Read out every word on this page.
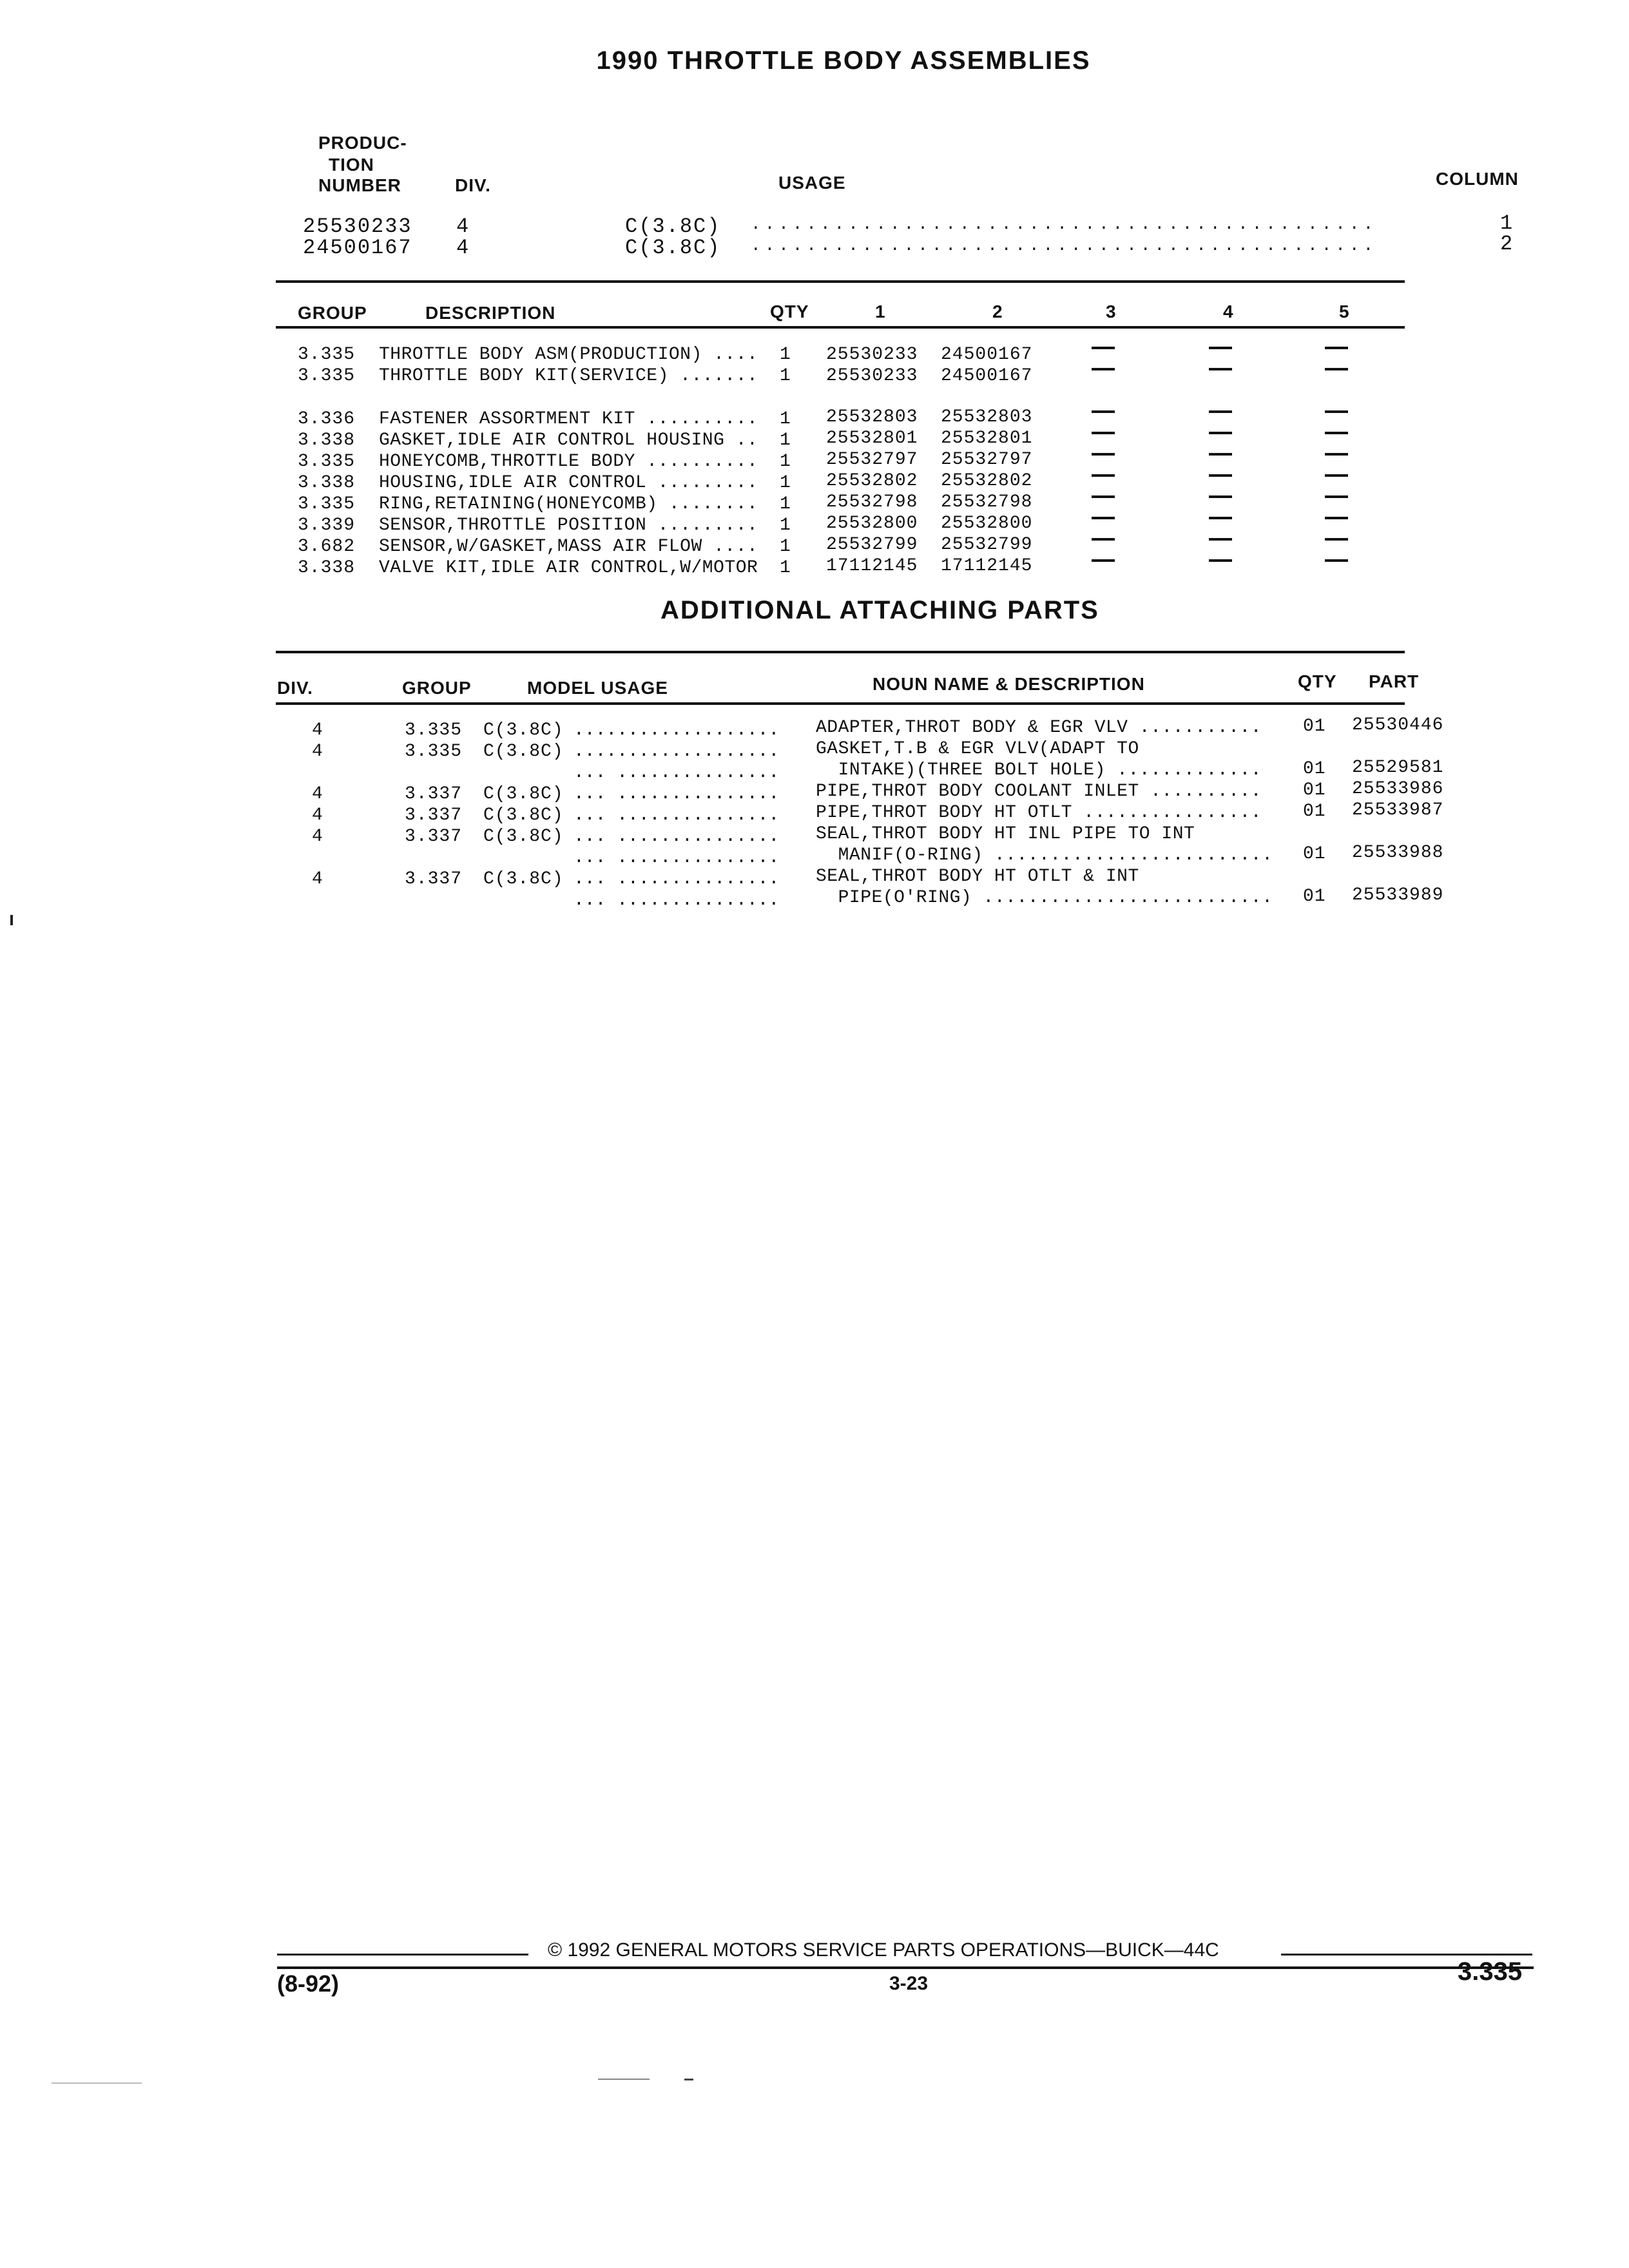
1990 THROTTLE BODY ASSEMBLIES
PRODUC-
TION
NUMBER	DIV.	USAGE	COLUMN
25530233 4	C(3.8C) .............................................	1
24500167 4	C(3.8C) .............................................	2
GROUP	DESCRIPTION	QTY	1	2	3	4	5
3.335 THROTTLE BODY ASM(PRODUCTION) .... 1 25530233 24500167
3.335 THROTTLE BODY KIT(SERVICE) ....... 1 25530233 24500167
3.336 FASTENER ASSORTMENT KIT .......... 1 25532803 25532803
3.338 GASKET,IDLE AIR CONTROL HOUSING .. 1 25532801 25532801
3.335 HONEYCOMB,THROTTLE BODY .......... 1 25532797 25532797
3.338 HOUSING,IDLE AIR CONTROL ......... 1 25532802 25532802
3.335 RING,RETAINING(HONEYCOMB) ........ 1 25532798 25532798
3.339 SENSOR,THROTTLE POSITION ......... 1 25532800 25532800
3.682 SENSOR,W/GASKET,MASS AIR FLOW .... 1 25532799 25532799
3.338 VALVE KIT,IDLE AIR CONTROL,W/MOTOR 1 17112145 17112145
ADDITIONAL ATTACHING PARTS
DIV.	GROUP	MODEL USAGE	NOUN NAME & DESCRIPTION	QTY PART
4	3.335 C(3.8C) ................... ADAPTER,THROT BODY & EGR VLV ........... 01 25530446
4	3.335 C(3.8C) ................... GASKET,T.B & EGR VLV(ADAPT TO
... ............... INTAKE)(THREE BOLT HOLE) ............. 01 25529581
4	3.337 C(3.8C) ... ............... PIPE,THROT BODY COOLANT INLET .......... 01 25533986
4	3.337 C(3.8C) ... ............... PIPE,THROT BODY HT OTLT ................ 01 25533987
4	3.337 C(3.8C) ... ............... SEAL,THROT BODY HT INL PIPE TO INT
... ............... MANIF(O-RING) ......................... 01 25533988
4	3.337 C(3.8C) ... ............... SEAL,THROT BODY HT OTLT & INT
... ............... PIPE(O'RING) .......................... 01 25533989
© 1992 GENERAL MOTORS SERVICE PARTS OPERATIONS—BUICK—44C
(8-92)	3-23	3.335
